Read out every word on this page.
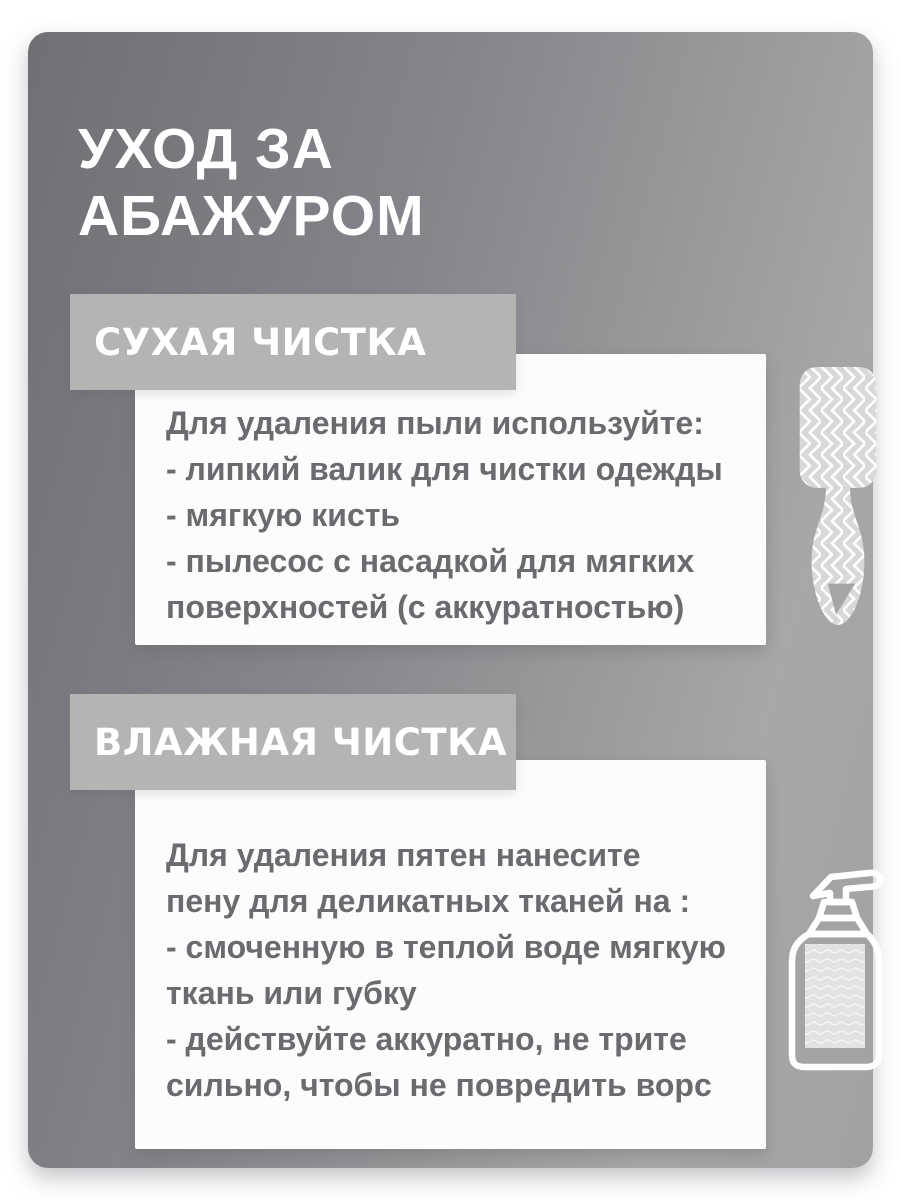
УХОД ЗА
АБАЖУРОМ
Для удаления пыли используйте:
- липкий валик для чистки одежды
- мягкую кисть
- пылесос с насадкой для мягких
поверхностей (с аккуратностью)
СУХАЯ ЧИСТКА
Для удаления пятен нанесите
пену для деликатных тканей на :
- смоченную в теплой воде мягкую
ткань или губку
- действуйте аккуратно, не трите
сильно, чтобы не повредить ворс
ВЛАЖНАЯ ЧИСТКА
